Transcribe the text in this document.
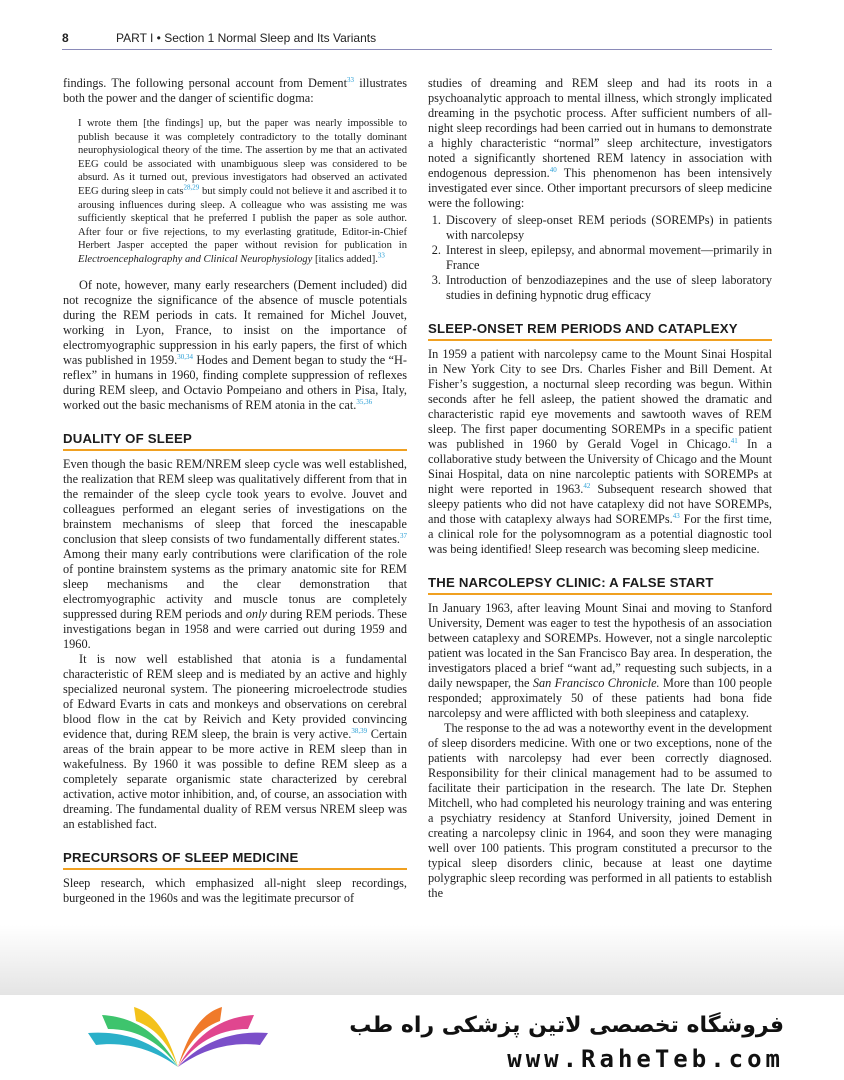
8	PART I • Section 1 Normal Sleep and Its Variants

findings. The following personal account from Dement$^{33}$ illustrates both the power and the danger of scientific dogma:

I wrote them [the findings] up, but the paper was nearly impossible to publish because it was completely contradictory to the totally dominant neurophysiological theory of the time. The assertion by me that an activated EEG could be associated with unambiguous sleep was considered to be absurd. As it turned out, previous investigators had observed an activated EEG during sleep in cats$^{28,29}$ but simply could not believe it and ascribed it to arousing influences during sleep. A colleague who was assisting me was sufficiently skeptical that he preferred I publish the paper as sole author. After four or five rejections, to my everlasting gratitude, Editor-in-Chief Herbert Jasper accepted the paper without revision for publication in Electroencephalography and Clinical Neurophysiology [italics added].$^{33}$

Of note, however, many early researchers (Dement included) did not recognize the significance of the absence of muscle potentials during the REM periods in cats. It remained for Michel Jouvet, working in Lyon, France, to insist on the importance of electromyographic suppression in his early papers, the first of which was published in 1959.$^{30,34}$ Hodes and Dement began to study the “H-reflex” in humans in 1960, finding complete suppression of reflexes during REM sleep, and Octavio Pompeiano and others in Pisa, Italy, worked out the basic mechanisms of REM atonia in the cat.$^{35,36}$

DUALITY OF SLEEP

Even though the basic REM/NREM sleep cycle was well established, the realization that REM sleep was qualitatively different from that in the remainder of the sleep cycle took years to evolve. Jouvet and colleagues performed an elegant series of investigations on the brainstem mechanisms of sleep that forced the inescapable conclusion that sleep consists of two fundamentally different states.$^{37}$ Among their many early contributions were clarification of the role of pontine brainstem systems as the primary anatomic site for REM sleep mechanisms and the clear demonstration that electromyographic activity and muscle tonus are completely suppressed during REM periods and only during REM periods. These investigations began in 1958 and were carried out during 1959 and 1960.

It is now well established that atonia is a fundamental characteristic of REM sleep and is mediated by an active and highly specialized neuronal system. The pioneering microelectrode studies of Edward Evarts in cats and monkeys and observations on cerebral blood flow in the cat by Reivich and Kety provided convincing evidence that, during REM sleep, the brain is very active.$^{38,39}$ Certain areas of the brain appear to be more active in REM sleep than in wakefulness. By 1960 it was possible to define REM sleep as a completely separate organismic state characterized by cerebral activation, active motor inhibition, and, of course, an association with dreaming. The fundamental duality of REM versus NREM sleep was an established fact.

PRECURSORS OF SLEEP MEDICINE

Sleep research, which emphasized all-night sleep recordings, burgeoned in the 1960s and was the legitimate precursor of

studies of dreaming and REM sleep and had its roots in a psychoanalytic approach to mental illness, which strongly implicated dreaming in the psychotic process. After sufficient numbers of all-night sleep recordings had been carried out in humans to demonstrate a highly characteristic “normal” sleep architecture, investigators noted a significantly shortened REM latency in association with endogenous depression.$^{40}$ This phenomenon has been intensively investigated ever since. Other important precursors of sleep medicine were the following:

1. Discovery of sleep-onset REM periods (SOREMPs) in patients with narcolepsy
2. Interest in sleep, epilepsy, and abnormal movement—primarily in France
3. Introduction of benzodiazepines and the use of sleep laboratory studies in defining hypnotic drug efficacy
SLEEP-ONSET REM PERIODS AND CATAPLEXY

In 1959 a patient with narcolepsy came to the Mount Sinai Hospital in New York City to see Drs. Charles Fisher and Bill Dement. At Fisher’s suggestion, a nocturnal sleep recording was begun. Within seconds after he fell asleep, the patient showed the dramatic and characteristic rapid eye movements and sawtooth waves of REM sleep. The first paper documenting SOREMPs in a specific patient was published in 1960 by Gerald Vogel in Chicago.$^{41}$ In a collaborative study between the University of Chicago and the Mount Sinai Hospital, data on nine narcoleptic patients with SOREMPs at night were reported in 1963.42 Subsequent research showed that sleepy patients who did not have cataplexy did not have SOREMPs, and those with cataplexy always had SOREMPs.$^{43}$ For the first time, a clinical role for the polysomnogram as a potential diagnostic tool was being identified! Sleep research was becoming sleep medicine.

THE NARCOLEPSY CLINIC: A FALSE START

In January 1963, after leaving Mount Sinai and moving to Stanford University, Dement was eager to test the hypothesis of an association between cataplexy and SOREMPs. However, not a single narcoleptic patient was located in the San Francisco Bay area. In desperation, the investigators placed a brief “want ad,” requesting such subjects, in a daily newspaper, the San Francisco Chronicle. More than 100 people responded; approximately 50 of these patients had bona fide narcolepsy and were afflicted with both sleepiness and cataplexy.

The response to the ad was a noteworthy event in the development of sleep disorders medicine. With one or two exceptions, none of the patients with narcolepsy had ever been correctly diagnosed. Responsibility for their clinical management had to be assumed to facilitate their participation in the research. The late Dr. Stephen Mitchell, who had completed his neurology training and was entering a psychiatry residency at Stanford University, joined Dement in creating a narcolepsy clinic in 1964, and soon they were managing well over 100 patients. This program constituted a precursor to the typical sleep disorders clinic, because at least one daytime polygraphic sleep recording was performed in all patients to establish the

فروشگاه تخصصی لاتین پزشکی راه طب
www.RaheTeb.com
